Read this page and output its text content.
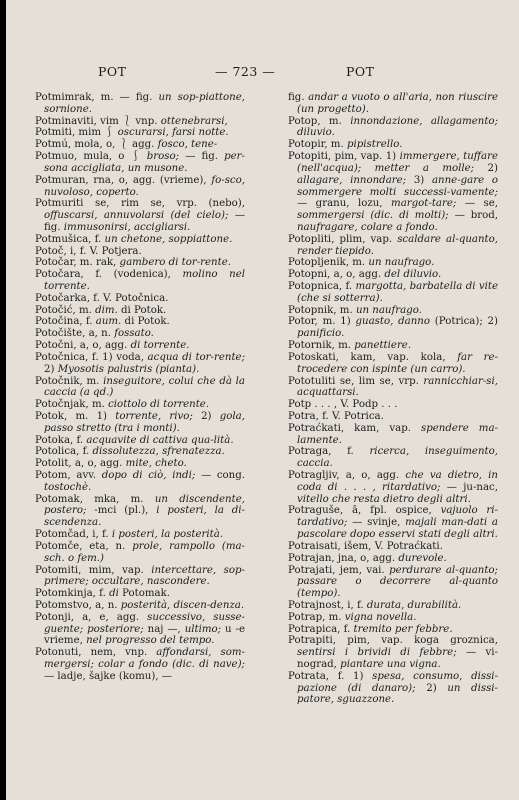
POT	— 723 —	POT

Potmimrak, m. — fig. un sop-piattone, sornione.

Potminaviti, vim ⎱ vnp. ottenebrarsi,

Potmiti, mim ⎰ oscurarsi, farsi notte.

Potmú, mola, o, ⎱ agg. fosco, tene-

Potmuo, mula, o ⎰ broso; — fig. per-sona accigliata, un musone.

Potmuran, rna, o, agg. (vrieme), fo-sco, nuvoloso, coperto.

Potmuriti se, rim se, vrp. (nebo), offuscarsi, annuvolarsi (del cielo); — fig. immusonirsi, accigliarsi.

Potmušica, f. un chetone, soppiattone.

Potoč, i, f. V. Potjera.

Potočar, m. rak, gambero di tor-rente.

Potočara, f. (vodenica), molino nel torrente.

Potočarka, f. V. Potočnica.

Potočić, m. dim. di Potok.

Potočina, f. aum. di Potok.

Potočište, a, n. fossato.

Potočni, a, o, agg. di torrente.

Potočnica, f. 1) voda, acqua di tor-rente; 2) Myosotis palustris (pianta).

Potočnik, m. inseguitore, colui che dà la caccia (a qd.)

Potočnjak, m. ciottolo di torrente.

Potok, m. 1) torrente, rivo; 2) gola, passo stretto (tra i monti).

Potoka, f. acquavite di cattiva qua-lità.

Potolica, f. dissolutezza, sfrenatezza.

Potolit, a, o, agg. mite, cheto.

Potom, avv. dopo di ciò, indi; — cong. tostochè.

Potomak, mka, m. un discendente, postero; -mci (pl.), i posteri, la di-scendenza.

Potomčad, i, f. i posteri, la posterità.

Potomče, eta, n. prole, rampollo (ma-sch. o fem.)

Potomiti, mim, vap. intercettare, sop-primere; occultare, nascondere.

Potomkinja, f. di Potomak.

Potomstvo, a, n. posterità, discen-denza.

Potonji, a, e, agg. successivo, susse-guente; posteriore; naj —, ultimo; u -e vrieme, nel progresso del tempo.

Potonuti, nem, vnp. affondarsi, som-mergersi; colar a fondo (dic. di nave); — ladje, šajke (komu), —

fig. andar a vuoto o all'aria, non riuscire (un progetto).

Potop, m. innondazione, allagamento; diluvio.

Potopir, m. pipistrello.

Potopiti, pim, vap. 1) immergere, tuffare (nell'acqua); metter a molle; 2) allagare, innondare; 3) anne-gare o sommergere molti successi-vamente; — granu, lozu, margot-tare; — se, sommergersi (dic. di molti); — brod, naufragare, colare a fondo.

Potopliti, plim, vap. scaldare al-quanto, render tiepido.

Potopljenik, m. un naufrago.

Potopni, a, o, agg. del diluvio.

Potopnica, f. margotta, barbatella di vite (che si sotterra).

Potopnik, m. un naufrago.

Potor, m. 1) guasto, danno (Potrica); 2) panificio.

Potornik, m. panettiere.

Potoskati, kam, vap. kola, far re-trocedere con ispinte (un carro).

Pototuliti se, lim se, vrp. rannicchiar-si, acquattarsi.

Potp . . . , V. Podp . . .

Potra, f. V. Potrica.

Potraćkati, kam, vap. spendere ma-lamente.

Potraga, f. ricerca, inseguimento, caccia.

Potragljiv, a, o, agg. che va dietro, in coda di . . . , ritardativo; — ju-nac, vitello che resta dietro degli altri.

Potraguše, ā, fpl. ospice, vajuolo ri-tardativo; — svinje, majali man-dati a pascolare dopo esservi stati degli altri.

Potraisati, išem, V. Potraćkati.

Potrajan, jna, o, agg. durevole.

Potrajati, jem, vai. perdurare al-quanto; passare o decorrere al-quanto (tempo).

Potrajnost, i, f. durata, durabilità.

Potrap, m. vigna novella.

Potrapica, f. tremito per febbre.

Potrapiti, pim, vap. koga groznica, sentirsi i brividi di febbre; — vi-nograd, piantare una vigna.

Potrata, f. 1) spesa, consumo, dissi-pazione (di danaro); 2) un dissi-patore, sguazzone.
